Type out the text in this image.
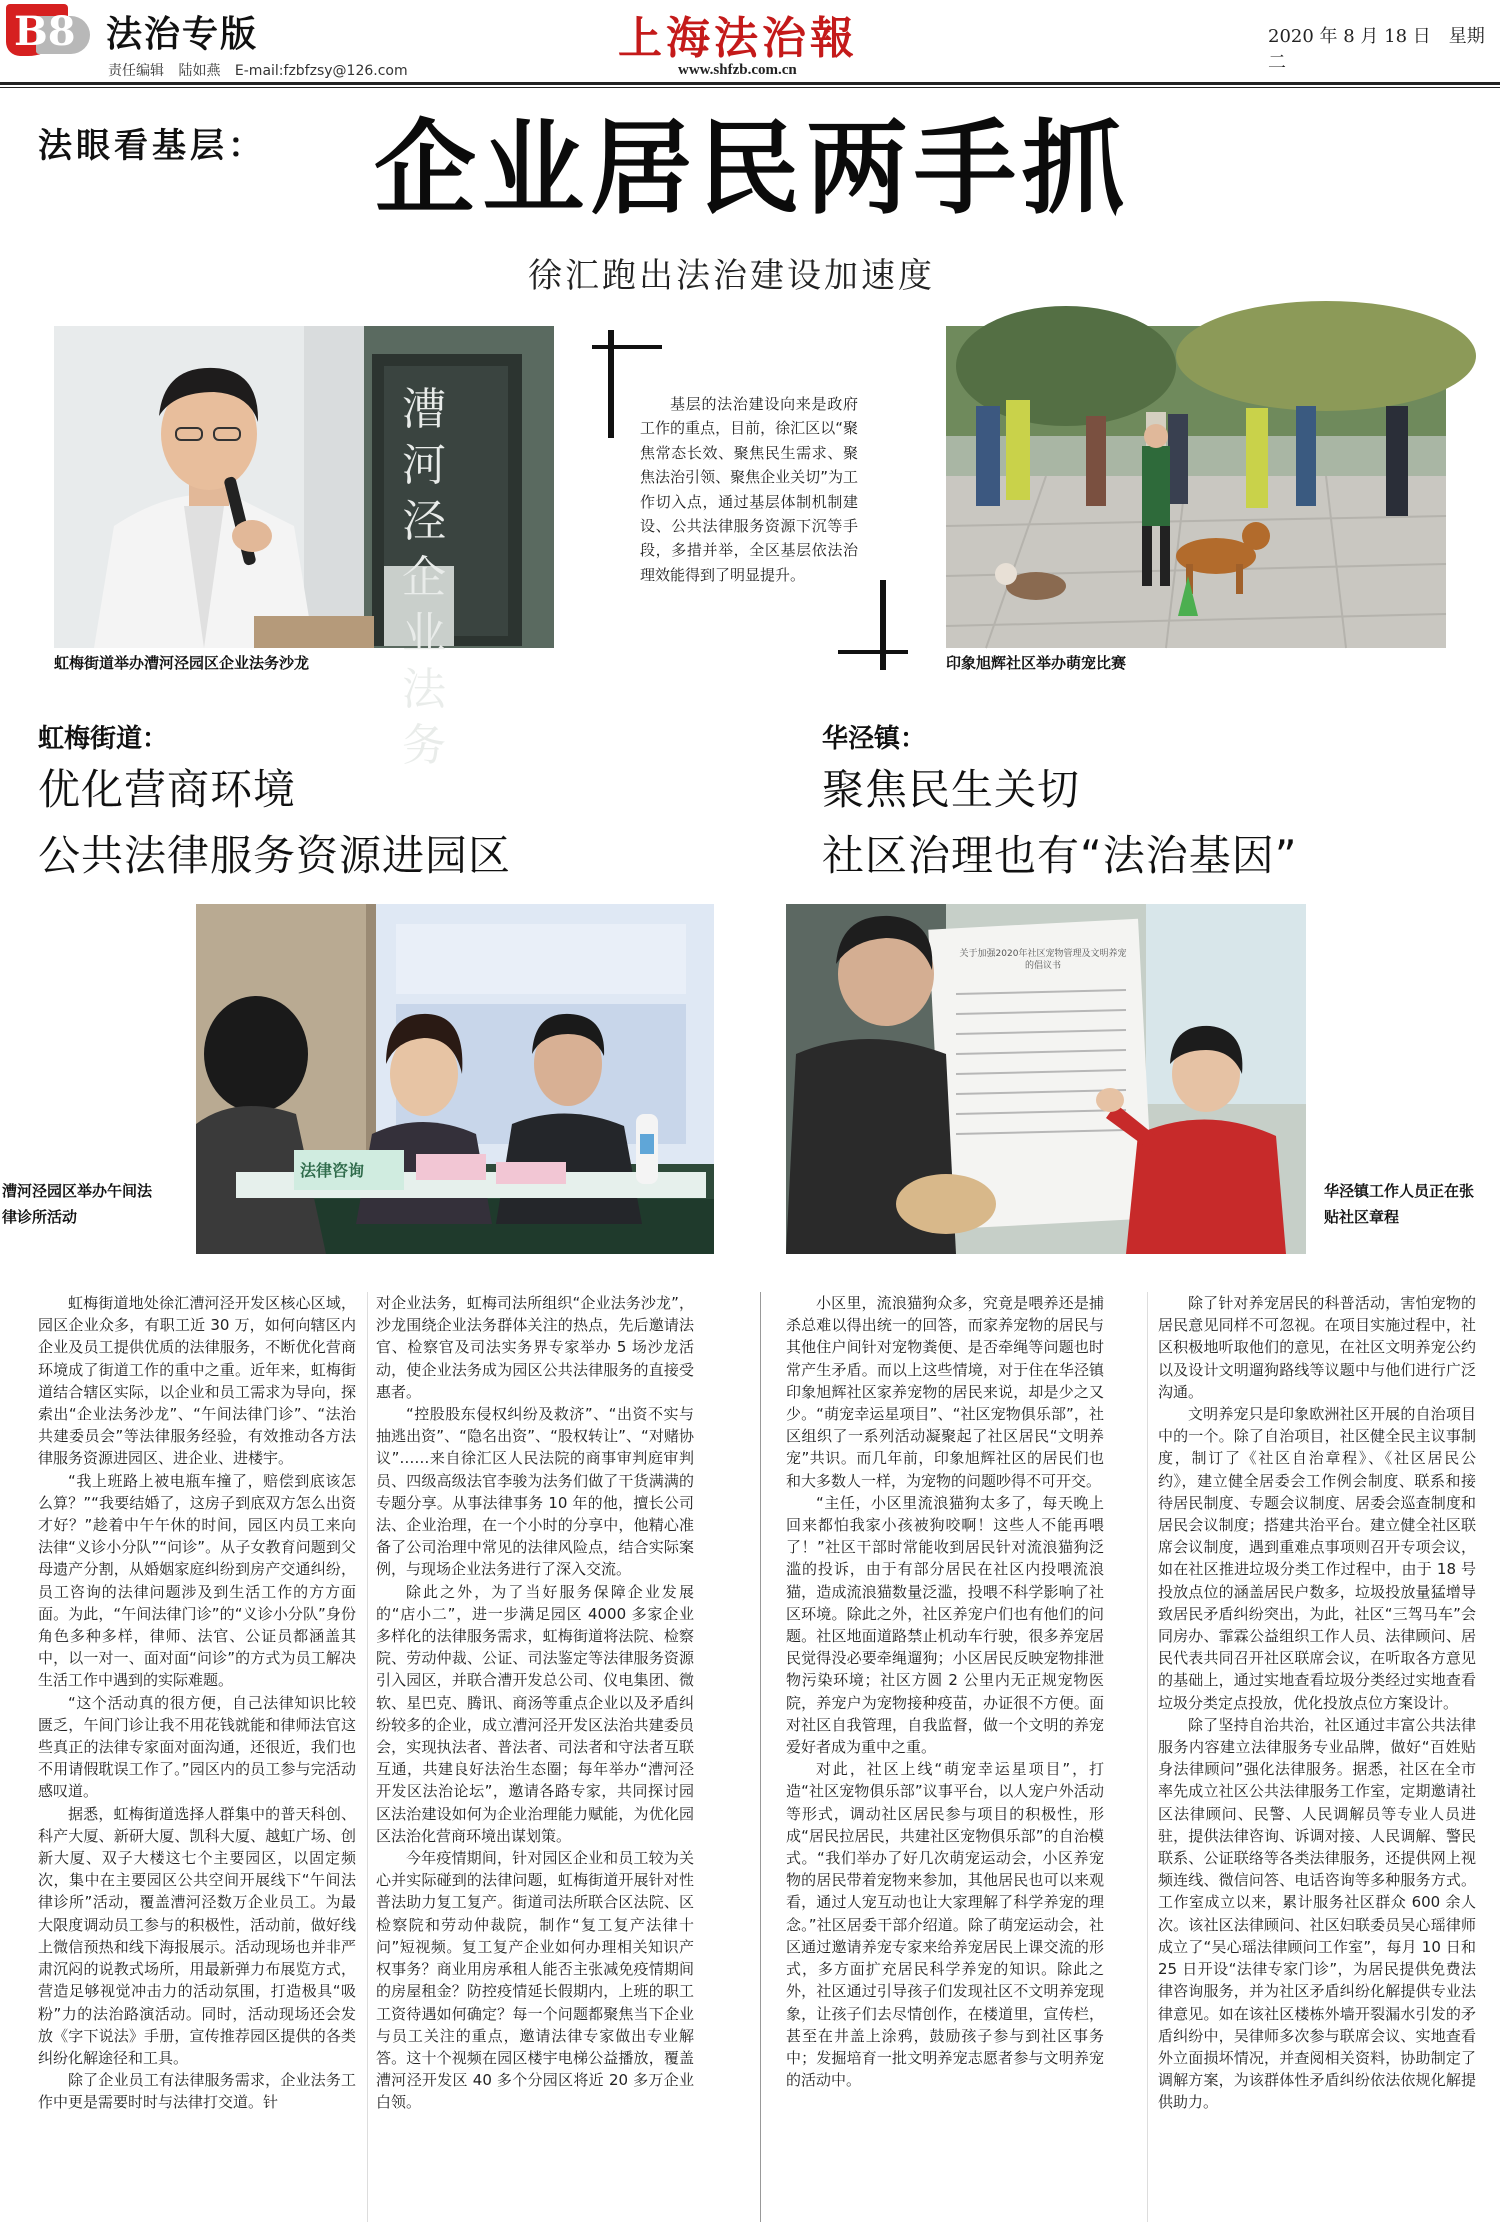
B8 法治专版
责任编辑 陆如燕 E-mail:fzbfzsy@126.com
上海法治報
www.shfzb.com.cn
2020 年 8 月 18 日　星期二
法眼看基层： 企业居民两手抓
徐汇跑出法治建设加速度
漕河泾企业法务
虹梅街道举办漕河泾园区企业法务沙龙
基层的法治建设向来是政府工作的重点，目前，徐汇区以“聚焦常态长效、聚焦民生需求、聚焦法治引领、聚焦企业关切”为工作切入点，通过基层体制机制建设、公共法律服务资源下沉等手段，多措并举，全区基层依法治理效能得到了明显提升。
印象旭辉社区举办萌宠比赛
虹梅街道：
优化营商环境
公共法律服务资源进园区
华泾镇：
聚焦民生关切
社区治理也有“法治基因”
法律咨询
漕河泾园区举办午间法
律诊所活动
关于加强2020年社区宠物管理及文明养宠的倡议书
华泾镇工作人员正在张
贴社区章程

虹梅街道地处徐汇漕河泾开发区核心区域，园区企业众多，有职工近 30 万，如何向辖区内企业及员工提供优质的法律服务，不断优化营商环境成了街道工作的重中之重。近年来，虹梅街道结合辖区实际，以企业和员工需求为导向，探索出“企业法务沙龙”、“午间法律门诊”、“法治共建委员会”等法律服务经验，有效推动各方法律服务资源进园区、进企业、进楼宇。

“我上班路上被电瓶车撞了，赔偿到底该怎么算？”“我要结婚了，这房子到底双方怎么出资才好？”趁着中午午休的时间，园区内员工来向法律“义诊小分队”“问诊”。从子女教育问题到父母遗产分割，从婚姻家庭纠纷到房产交通纠纷，员工咨询的法律问题涉及到生活工作的方方面面。为此，“午间法律门诊”的“义诊小分队”身份角色多种多样，律师、法官、公证员都涵盖其中，以一对一、面对面“问诊”的方式为员工解决生活工作中遇到的实际难题。

“这个活动真的很方便，自己法律知识比较匮乏，午间门诊让我不用花钱就能和律师法官这些真正的法律专家面对面沟通，还很近，我们也不用请假耽误工作了。”园区内的员工参与完活动感叹道。

据悉，虹梅街道选择人群集中的普天科创、科产大厦、新研大厦、凯科大厦、越虹广场、创新大厦、双子大楼这七个主要园区，以固定频次，集中在主要园区公共空间开展线下“午间法律诊所”活动，覆盖漕河泾数万企业员工。为最大限度调动员工参与的积极性，活动前，做好线上微信预热和线下海报展示。活动现场也并非严肃沉闷的说教式场所，用最新弹力布展览方式，营造足够视觉冲击力的活动氛围，打造极具“吸粉”力的法治路演活动。同时，活动现场还会发放《字下说法》手册，宣传推荐园区提供的各类纠纷化解途径和工具。

除了企业员工有法律服务需求，企业法务工作中更是需要时时与法律打交道。针

对企业法务，虹梅司法所组织“企业法务沙龙”，沙龙围绕企业法务群体关注的热点，先后邀请法官、检察官及司法实务界专家举办 5 场沙龙活动，使企业法务成为园区公共法律服务的直接受惠者。

“控股股东侵权纠纷及救济”、“出资不实与抽逃出资”、“隐名出资”、“股权转让”、“对赌协议”……来自徐汇区人民法院的商事审判庭审判员、四级高级法官李骏为法务们做了干货满满的专题分享。从事法律事务 10 年的他，擅长公司法、企业治理，在一个小时的分享中，他精心准备了公司治理中常见的法律风险点，结合实际案例，与现场企业法务进行了深入交流。

除此之外，为了当好服务保障企业发展的“店小二”，进一步满足园区 4000 多家企业多样化的法律服务需求，虹梅街道将法院、检察院、劳动仲裁、公证、司法鉴定等法律服务资源引入园区，并联合漕开发总公司、仪电集团、微软、星巴克、腾讯、商汤等重点企业以及矛盾纠纷较多的企业，成立漕河泾开发区法治共建委员会，实现执法者、普法者、司法者和守法者互联互通，共建良好法治生态圈；每年举办“漕河泾开发区法治论坛”，邀请各路专家，共同探讨园区法治建设如何为企业治理能力赋能，为优化园区法治化营商环境出谋划策。

今年疫情期间，针对园区企业和员工较为关心并实际碰到的法律问题，虹梅街道开展针对性普法助力复工复产。街道司法所联合区法院、区检察院和劳动仲裁院，制作“复工复产法律十问”短视频。复工复产企业如何办理相关知识产权事务？商业用房承租人能否主张减免疫情期间的房屋租金？防控疫情延长假期内，上班的职工工资待遇如何确定？每一个问题都聚焦当下企业与员工关注的重点，邀请法律专家做出专业解答。这十个视频在园区楼宇电梯公益播放，覆盖漕河泾开发区 40 多个分园区将近 20 多万企业白领。

小区里，流浪猫狗众多，究竟是喂养还是捕杀总难以得出统一的回答，而家养宠物的居民与其他住户间针对宠物粪便、是否牵绳等问题也时常产生矛盾。而以上这些情境，对于住在华泾镇印象旭辉社区家养宠物的居民来说，却是少之又少。“萌宠幸运星项目”、“社区宠物俱乐部”，社区组织了一系列活动凝聚起了社区居民“文明养宠”共识。而几年前，印象旭辉社区的居民们也和大多数人一样，为宠物的问题吵得不可开交。

“主任，小区里流浪猫狗太多了，每天晚上回来都怕我家小孩被狗咬啊！这些人不能再喂了！”社区干部时常能收到居民针对流浪猫狗泛滥的投诉，由于有部分居民在社区内投喂流浪猫，造成流浪猫数量泛滥，投喂不科学影响了社区环境。除此之外，社区养宠户们也有他们的问题。社区地面道路禁止机动车行驶，很多养宠居民觉得没必要牵绳遛狗；小区居民反映宠物排泄物污染环境；社区方圆 2 公里内无正规宠物医院，养宠户为宠物接种疫苗，办证很不方便。面对社区自我管理，自我监督，做一个文明的养宠爱好者成为重中之重。

对此，社区上线“萌宠幸运星项目”，打造“社区宠物俱乐部”议事平台，以人宠户外活动等形式，调动社区居民参与项目的积极性，形成“居民拉居民，共建社区宠物俱乐部”的自治模式。“我们举办了好几次萌宠运动会，小区养宠物的居民带着宠物来参加，其他居民也可以来观看，通过人宠互动也让大家理解了科学养宠的理念。”社区居委干部介绍道。除了萌宠运动会，社区通过邀请养宠专家来给养宠居民上课交流的形式，多方面扩充居民科学养宠的知识。除此之外，社区通过引导孩子们发现社区不文明养宠现象，让孩子们去尽情创作，在楼道里，宣传栏，甚至在井盖上涂鸦，鼓励孩子参与到社区事务中；发掘培育一批文明养宠志愿者参与文明养宠的活动中。

除了针对养宠居民的科普活动，害怕宠物的居民意见同样不可忽视。在项目实施过程中，社区积极地听取他们的意见，在社区文明养宠公约以及设计文明遛狗路线等议题中与他们进行广泛沟通。

文明养宠只是印象欧洲社区开展的自治项目中的一个。除了自治项目，社区健全民主议事制度，制订了《社区自治章程》、《社区居民公约》，建立健全居委会工作例会制度、联系和接待居民制度、专题会议制度、居委会巡查制度和居民会议制度；搭建共治平台。建立健全社区联席会议制度，遇到重难点事项则召开专项会议，如在社区推进垃圾分类工作过程中，由于 18 号投放点位的涵盖居民户数多，垃圾投放量猛增导致居民矛盾纠纷突出，为此，社区“三驾马车”会同房办、霏霖公益组织工作人员、法律顾问、居民代表共同召开社区联席会议，在听取各方意见的基础上，通过实地查看垃圾分类经过实地查看垃圾分类定点投放，优化投放点位方案设计。

除了坚持自治共治，社区通过丰富公共法律服务内容建立法律服务专业品牌，做好“百姓贴身法律顾问”强化法律服务。据悉，社区在全市率先成立社区公共法律服务工作室，定期邀请社区法律顾问、民警、人民调解员等专业人员进驻，提供法律咨询、诉调对接、人民调解、警民联系、公证联络等各类法律服务，还提供网上视频连线、微信问答、电话咨询等多种服务方式。工作室成立以来，累计服务社区群众 600 余人次。该社区法律顾问、社区妇联委员吴心瑶律师成立了“吴心瑶法律顾问工作室”，每月 10 日和 25 日开设“法律专家门诊”，为居民提供免费法律咨询服务，并为社区矛盾纠纷化解提供专业法律意见。如在该社区楼栋外墙开裂漏水引发的矛盾纠纷中，吴律师多次参与联席会议、实地查看外立面损坏情况，并查阅相关资料，协助制定了调解方案，为该群体性矛盾纠纷依法依规化解提供助力。
